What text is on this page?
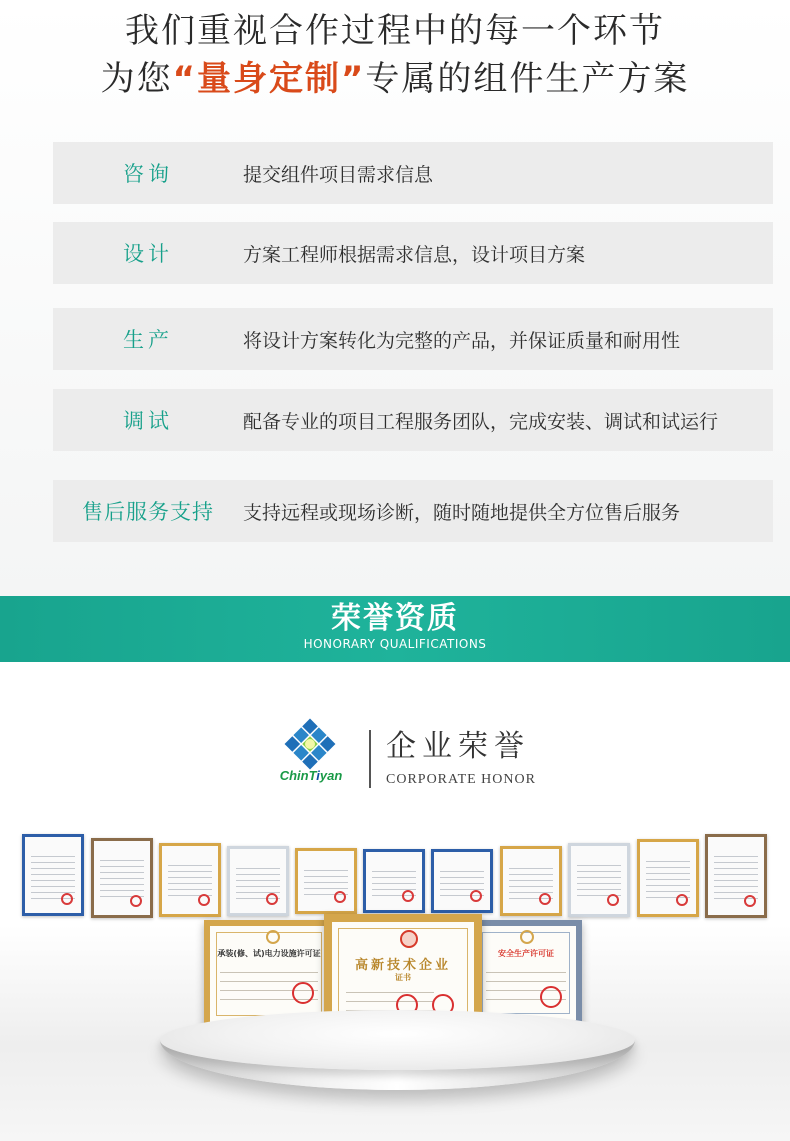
我们重视合作过程中的每一个环节
为您“量身定制”专属的组件生产方案
咨询	提交组件项目需求信息
设计	方案工程师根据需求信息，设计项目方案
生产	将设计方案转化为完整的产品，并保证质量和耐用性
调试	配备专业的项目工程服务团队，完成安装、调试和试运行
售后服务支持	支持远程或现场诊断，随时随地提供全方位售后服务
荣誉资质
HONORARY QUALIFICATIONS
ChinTiyan
企业荣誉
CORPORATE HONOR
承装(修、试)电力设施许可证	安全生产许可证
高新技术企业
证书
